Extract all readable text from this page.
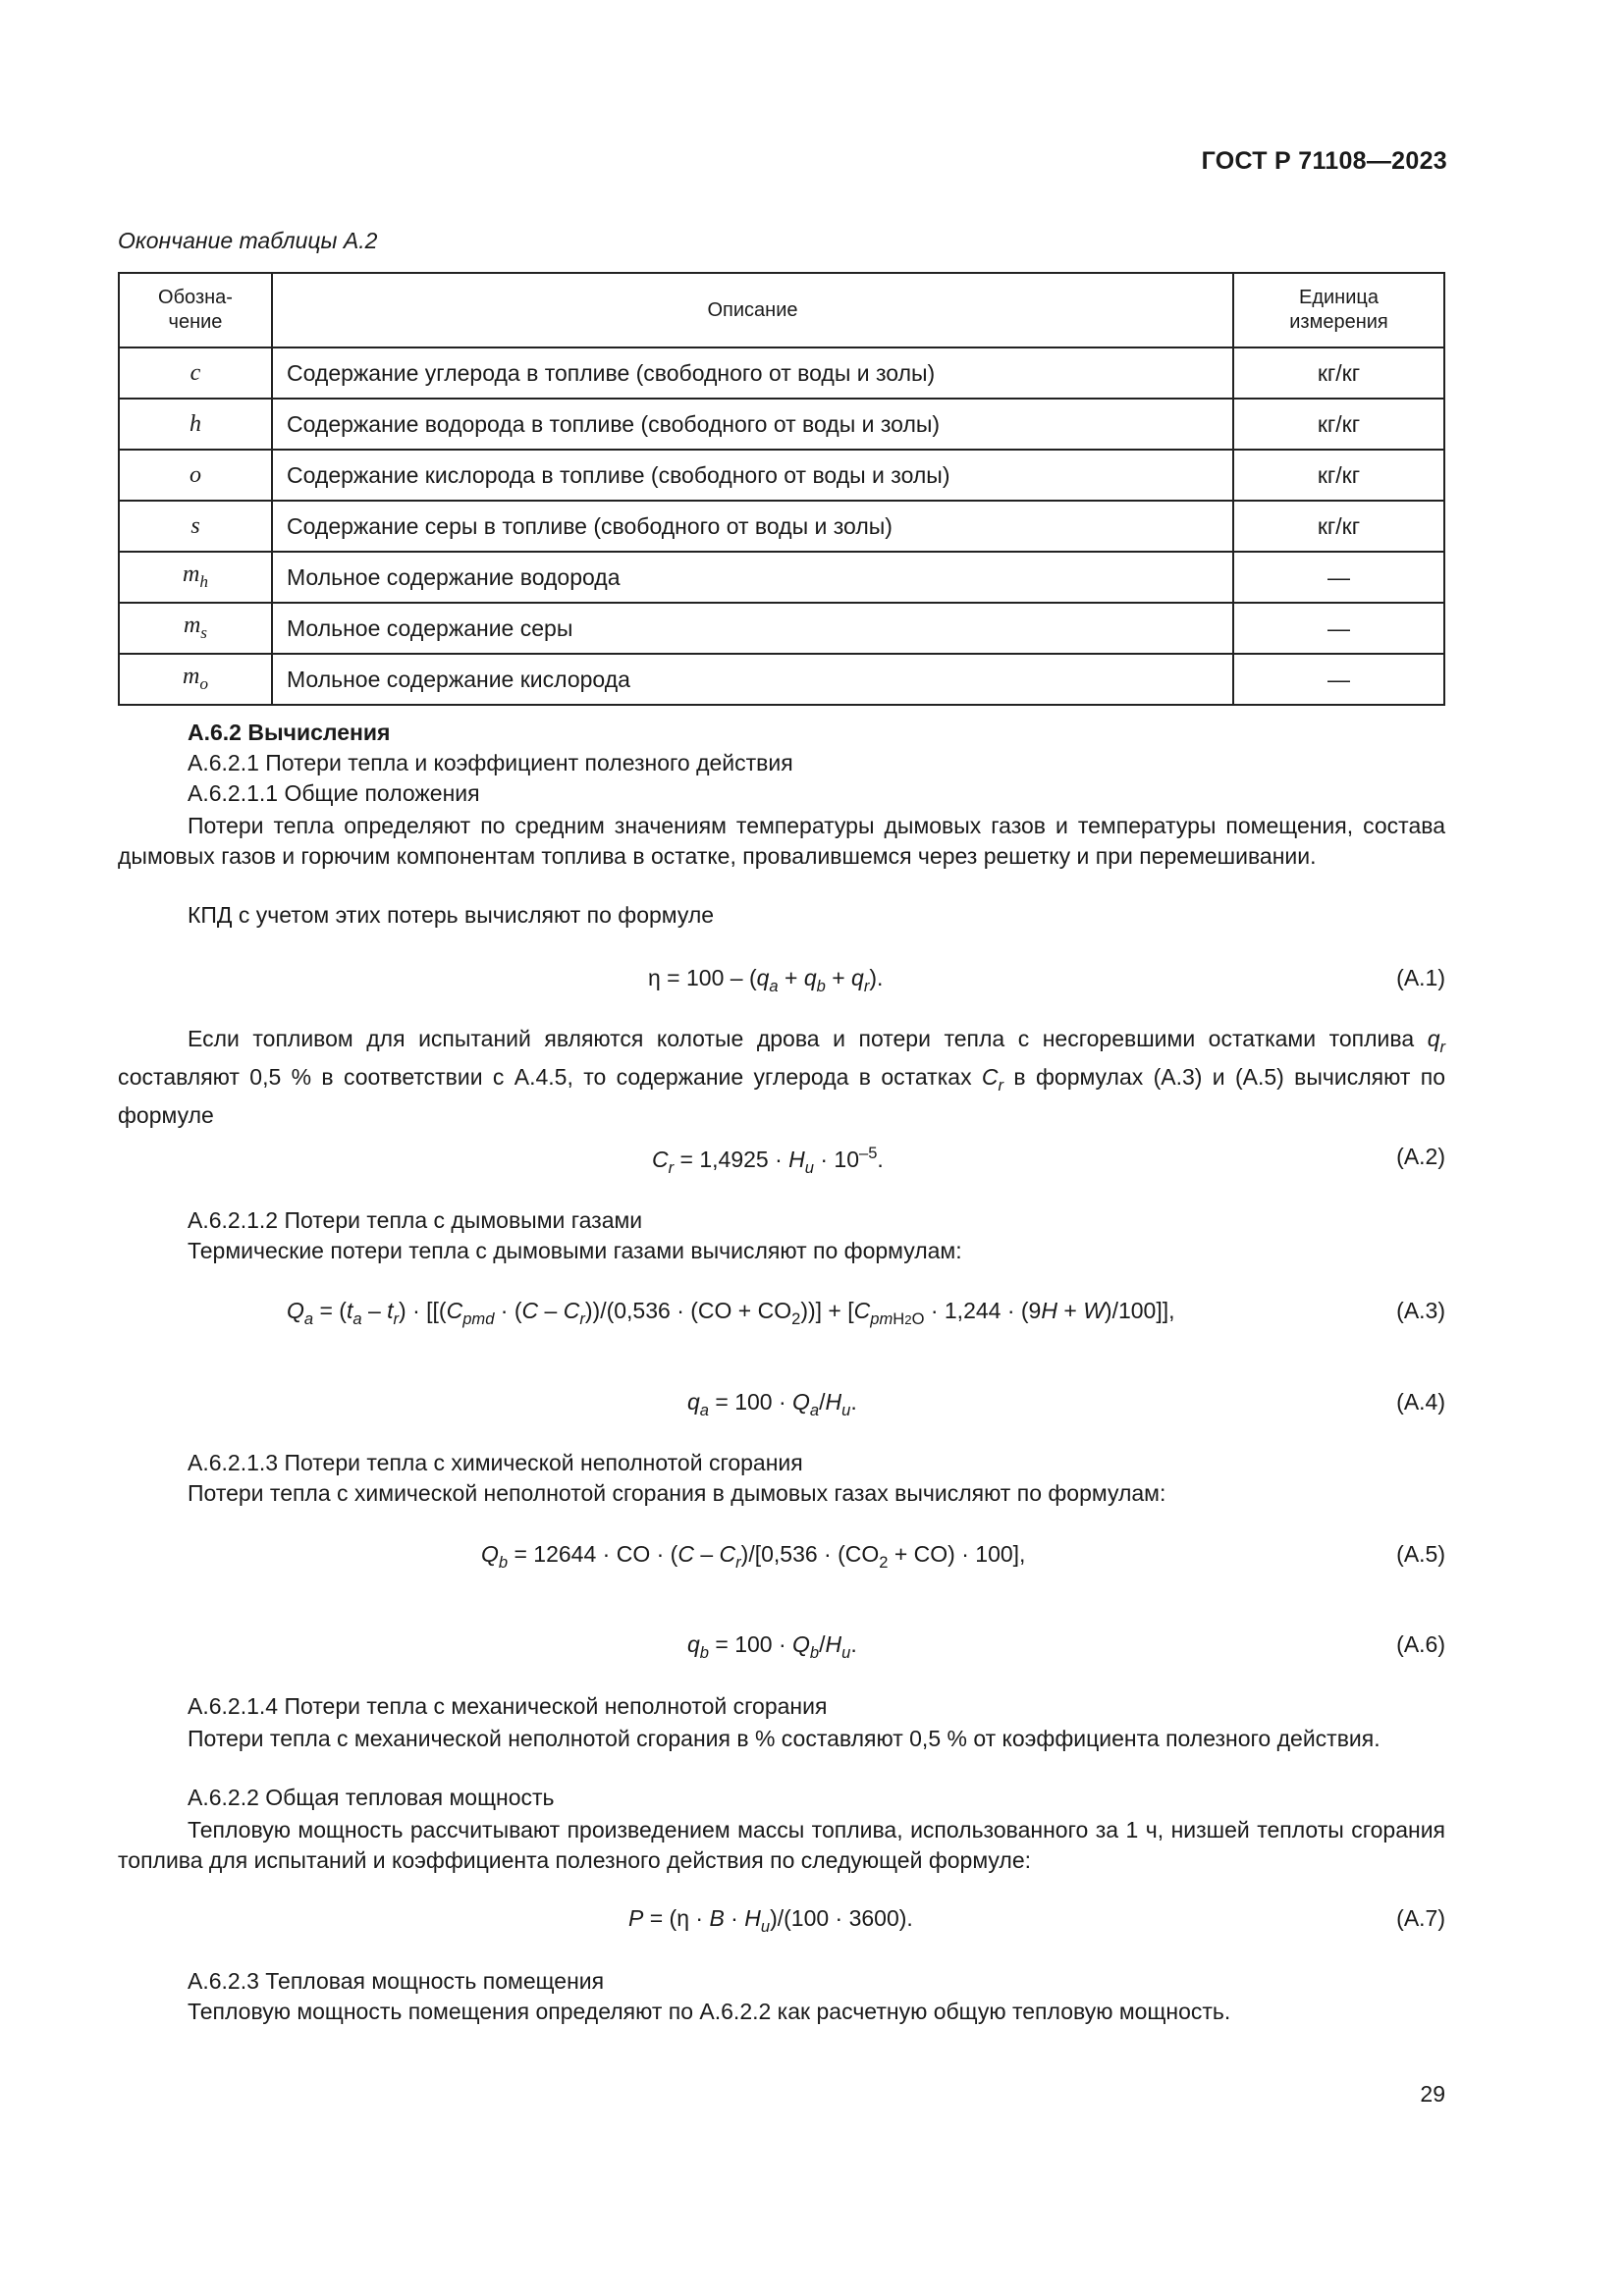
ГОСТ Р 71108—2023
Окончание таблицы А.2
Обозна-чение	Описание	Единица измерения
c	Содержание углерода в топливе (свободного от воды и золы)	кг/кг
h	Содержание водорода в топливе (свободного от воды и золы)	кг/кг
o	Содержание кислорода в топливе (свободного от воды и золы)	кг/кг
s	Содержание серы в топливе (свободного от воды и золы)	кг/кг
$m_h$	Мольное содержание водорода	—
$m_s$	Мольное содержание серы	—
$m_o$	Мольное содержание кислорода	—
А.6.2 Вычисления
А.6.2.1 Потери тепла и коэффициент полезного действия
А.6.2.1.1 Общие положения
Потери тепла определяют по средним значениям температуры дымовых газов и температуры помещения, состава дымовых газов и горючим компонентам топлива в остатке, провалившемся через решетку и при перемешивании.
КПД с учетом этих потерь вычисляют по формуле
$\eta = 100 - (q_a + q_b + q_r)$.	(А.1)
Если топливом для испытаний являются колотые дрова и потери тепла с несгоревшими остатками топлива $q_r$ составляют 0,5 % в соответствии с А.4.5, то содержание углерода в остатках $C_r$ в формулах (А.3) и (А.5) вычисляют по формуле
$C_r = 1,4925 \cdot H_u \cdot 10^{-5}$.	(А.2)
А.6.2.1.2 Потери тепла с дымовыми газами
Термические потери тепла с дымовыми газами вычисляют по формулам:
$Q_a = (t_a - t_r) \cdot [[(C_{pmd} \cdot (C - C_r))/(0,536 \cdot (CO + CO_2))] + [C_{pmH2O} \cdot 1,244 \cdot (9H + W)/100]]$,	(А.3)
$q_a = 100 \cdot Q_a/H_u$.	(А.4)
А.6.2.1.3 Потери тепла с химической неполнотой сгорания
Потери тепла с химической неполнотой сгорания в дымовых газах вычисляют по формулам:
$Q_b = 12644$ · CO · $(C - C_r)/[0,536 \cdot (CO_2 + CO) \cdot 100]$,	(А.5)
$q_b = 100 \cdot Q_b/H_u$.	(А.6)
А.6.2.1.4 Потери тепла с механической неполнотой сгорания
Потери тепла с механической неполнотой сгорания в % составляют 0,5 % от коэффициента полезного действия.
А.6.2.2 Общая тепловая мощность
Тепловую мощность рассчитывают произведением массы топлива, использованного за 1 ч, низшей теплоты сгорания топлива для испытаний и коэффициента полезного действия по следующей формуле:
$P = (\eta \cdot B \cdot H_u)/(100 \cdot 3600)$.	(А.7)
А.6.2.3 Тепловая мощность помещения
Тепловую мощность помещения определяют по А.6.2.2 как расчетную общую тепловую мощность.
29
